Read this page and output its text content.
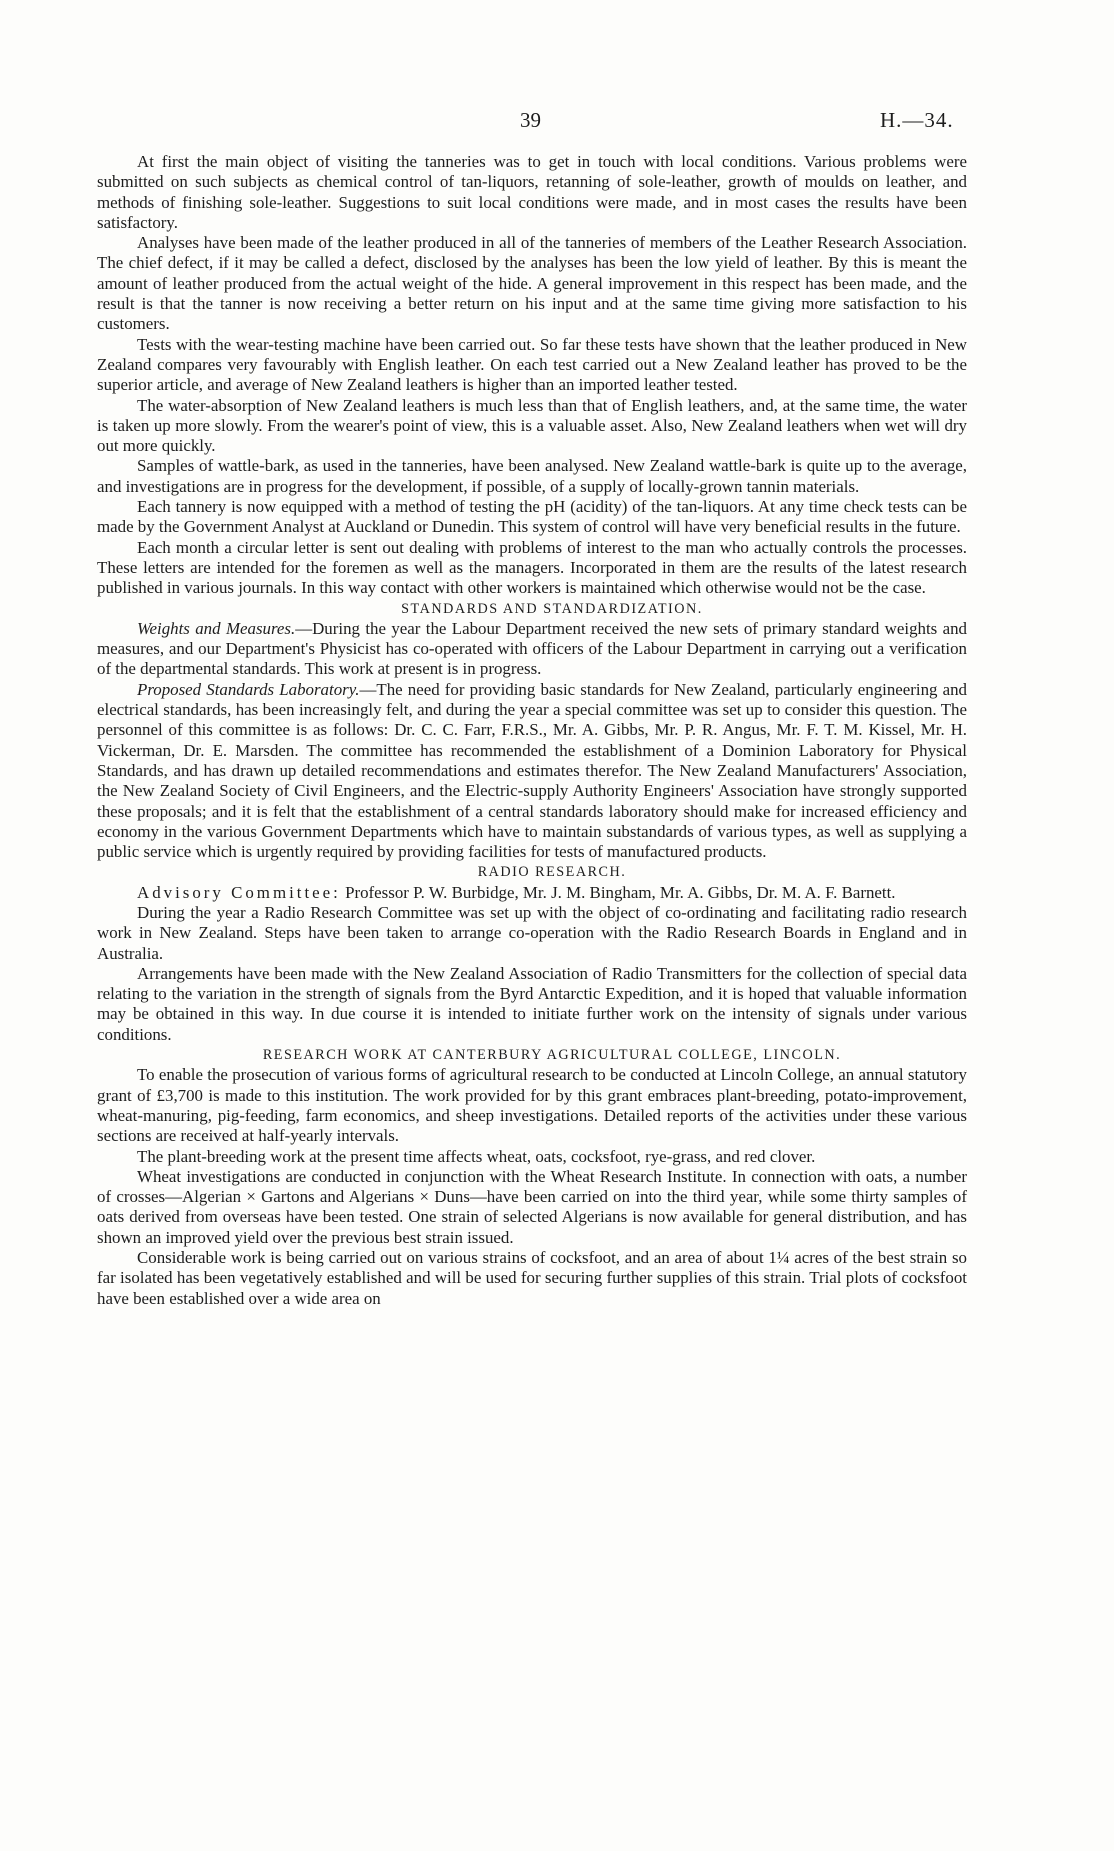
39	H.—34.

At first the main object of visiting the tanneries was to get in touch with local conditions. Various problems were submitted on such subjects as chemical control of tan-liquors, retanning of sole-leather, growth of moulds on leather, and methods of finishing sole-leather. Suggestions to suit local conditions were made, and in most cases the results have been satisfactory.

Analyses have been made of the leather produced in all of the tanneries of members of the Leather Research Association. The chief defect, if it may be called a defect, disclosed by the analyses has been the low yield of leather. By this is meant the amount of leather produced from the actual weight of the hide. A general improvement in this respect has been made, and the result is that the tanner is now receiving a better return on his input and at the same time giving more satisfaction to his customers.

Tests with the wear-testing machine have been carried out. So far these tests have shown that the leather produced in New Zealand compares very favourably with English leather. On each test carried out a New Zealand leather has proved to be the superior article, and average of New Zealand leathers is higher than an imported leather tested.

The water-absorption of New Zealand leathers is much less than that of English leathers, and, at the same time, the water is taken up more slowly. From the wearer's point of view, this is a valuable asset. Also, New Zealand leathers when wet will dry out more quickly.

Samples of wattle-bark, as used in the tanneries, have been analysed. New Zealand wattle-bark is quite up to the average, and investigations are in progress for the development, if possible, of a supply of locally-grown tannin materials.

Each tannery is now equipped with a method of testing the pH (acidity) of the tan-liquors. At any time check tests can be made by the Government Analyst at Auckland or Dunedin. This system of control will have very beneficial results in the future.

Each month a circular letter is sent out dealing with problems of interest to the man who actually controls the processes. These letters are intended for the foremen as well as the managers. Incorporated in them are the results of the latest research published in various journals. In this way contact with other workers is maintained which otherwise would not be the case.

STANDARDS AND STANDARDIZATION.

Weights and Measures.—During the year the Labour Department received the new sets of primary standard weights and measures, and our Department's Physicist has co-operated with officers of the Labour Department in carrying out a verification of the departmental standards. This work at present is in progress.

Proposed Standards Laboratory.—The need for providing basic standards for New Zealand, particularly engineering and electrical standards, has been increasingly felt, and during the year a special committee was set up to consider this question. The personnel of this committee is as follows: Dr. C. C. Farr, F.R.S., Mr. A. Gibbs, Mr. P. R. Angus, Mr. F. T. M. Kissel, Mr. H. Vickerman, Dr. E. Marsden. The committee has recommended the establishment of a Dominion Laboratory for Physical Standards, and has drawn up detailed recommendations and estimates therefor. The New Zealand Manufacturers' Association, the New Zealand Society of Civil Engineers, and the Electric-supply Authority Engineers' Association have strongly supported these proposals; and it is felt that the establishment of a central standards laboratory should make for increased efficiency and economy in the various Government Departments which have to maintain substandards of various types, as well as supplying a public service which is urgently required by providing facilities for tests of manufactured products.

RADIO RESEARCH.

Advisory Committee: Professor P. W. Burbidge, Mr. J. M. Bingham, Mr. A. Gibbs, Dr. M. A. F. Barnett.

During the year a Radio Research Committee was set up with the object of co-ordinating and facilitating radio research work in New Zealand. Steps have been taken to arrange co-operation with the Radio Research Boards in England and in Australia.

Arrangements have been made with the New Zealand Association of Radio Transmitters for the collection of special data relating to the variation in the strength of signals from the Byrd Antarctic Expedition, and it is hoped that valuable information may be obtained in this way. In due course it is intended to initiate further work on the intensity of signals under various conditions.

RESEARCH WORK AT CANTERBURY AGRICULTURAL COLLEGE, LINCOLN.

To enable the prosecution of various forms of agricultural research to be conducted at Lincoln College, an annual statutory grant of £3,700 is made to this institution. The work provided for by this grant embraces plant-breeding, potato-improvement, wheat-manuring, pig-feeding, farm economics, and sheep investigations. Detailed reports of the activities under these various sections are received at half-yearly intervals.

The plant-breeding work at the present time affects wheat, oats, cocksfoot, rye-grass, and red clover.

Wheat investigations are conducted in conjunction with the Wheat Research Institute. In connection with oats, a number of crosses—Algerian × Gartons and Algerians × Duns—have been carried on into the third year, while some thirty samples of oats derived from overseas have been tested. One strain of selected Algerians is now available for general distribution, and has shown an improved yield over the previous best strain issued.

Considerable work is being carried out on various strains of cocksfoot, and an area of about 1¼ acres of the best strain so far isolated has been vegetatively established and will be used for securing further supplies of this strain. Trial plots of cocksfoot have been established over a wide area on
